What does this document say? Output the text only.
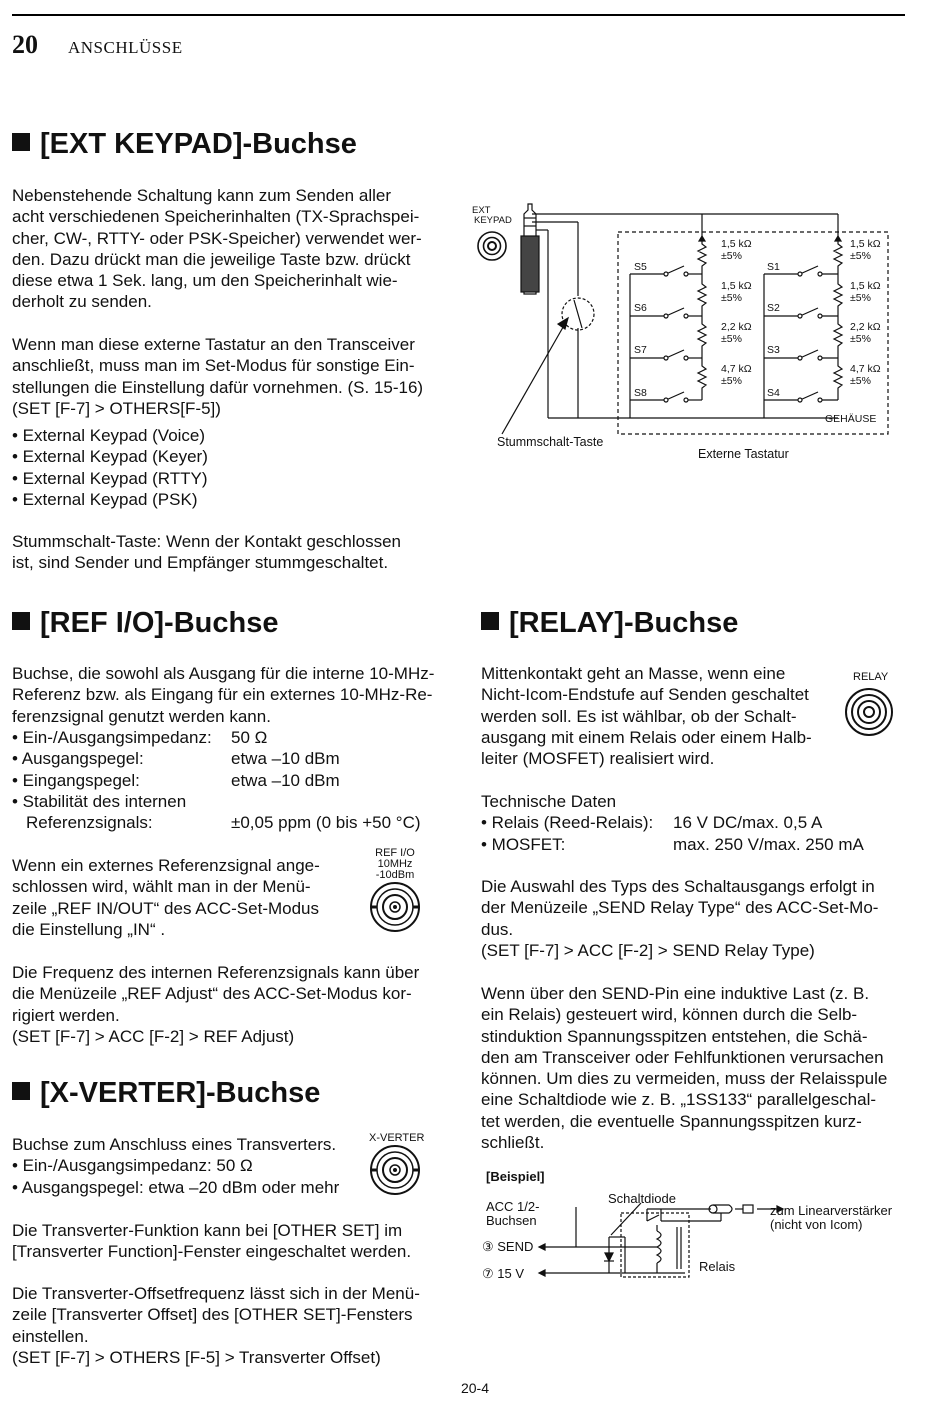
20 ANSCHLÜSSE
[EXT KEYPAD]-Buchse

Nebenstehende Schaltung kann zum Senden aller

acht verschiedenen Speicherinhalten (TX-Sprachspei-

cher, CW-, RTTY- oder PSK-Speicher) verwendet wer-

den. Dazu drückt man die jeweilige Taste bzw. drückt

diese etwa 1 Sek. lang, um den Speicherinhalt wie-

derholt zu senden.

Wenn man diese externe Tastatur an den Transceiver

anschließt, muss man im Set-Modus für sonstige Ein-

stellungen die Einstellung dafür vornehmen. (S. 15-16)

(SET [F-7] > OTHERS[F-5])

• External Keypad (Voice)

• External Keypad (Keyer)

• External Keypad (RTTY)

• External Keypad (PSK)

Stummschalt-Taste: Wenn der Kontakt geschlossen

ist, sind Sender und Empfänger stummgeschaltet.

EXT
KEYPAD
S5
S6
S7
S8
S1
S2
S3
S4
1,5 kΩ
±5%
1,5 kΩ
±5%
2,2 kΩ
±5%
4,7 kΩ
±5%
1,5 kΩ
±5%
1,5 kΩ
±5%
2,2 kΩ
±5%
4,7 kΩ
±5%
GEHÄUSE
Stummschalt-Taste
Externe Tastatur
[REF I/O]-Buchse

Buchse, die sowohl als Ausgang für die interne 10-MHz-

Referenz bzw. als Eingang für ein externes 10-MHz-Re-

ferenzsignal genutzt werden kann.

• Ein-/Ausgangsimpedanz:	50 Ω
• Ausgangspegel:	etwa –10 dBm
• Eingangspegel:	etwa –10 dBm
• Stabilität des internen
Referenzsignals:	±0,05 ppm (0 bis +50 °C)

Wenn ein externes Referenzsignal ange-

schlossen wird, wählt man in der Menü-

zeile „REF IN/OUT“ des ACC-Set-Modus

die Einstellung „IN“ .

REF I/O
10MHz
-10dBm

Die Frequenz des internen Referenzsignals kann über

die Menüzeile „REF Adjust“ des ACC-Set-Modus kor-

rigiert werden.

(SET [F-7] > ACC [F-2] > REF Adjust)

[X-VERTER]-Buchse

Buchse zum Anschluss eines Transverters.

• Ein-/Ausgangsimpedanz: 50 Ω

• Ausgangspegel: etwa –20 dBm oder mehr

X-VERTER

Die Transverter-Funktion kann bei [OTHER SET] im

[Transverter Function]-Fenster eingeschaltet werden.

Die Transverter-Offsetfrequenz lässt sich in der Menü-

zeile [Transverter Offset] des [OTHER SET]-Fensters

einstellen.

(SET [F-7] > OTHERS [F-5] > Transverter Offset)

[RELAY]-Buchse

Mittenkontakt geht an Masse, wenn eine

Nicht-Icom-Endstufe auf Senden geschaltet

werden soll. Es ist wählbar, ob der Schalt-

ausgang mit einem Relais oder einem Halb-

leiter (MOSFET) realisiert wird.

RELAY

Technische Daten

• Relais (Reed-Relais):	16 V DC/max. 0,5 A
• MOSFET:	max. 250 V/max. 250 mA

Die Auswahl des Typs des Schaltausgangs erfolgt in

der Menüzeile „SEND Relay Type“ des ACC-Set-Mo-

dus.

(SET [F-7] > ACC [F-2] > SEND Relay Type)

Wenn über den SEND-Pin eine induktive Last (z. B.

ein Relais) gesteuert wird, können durch die Selb-

stinduktion Spannungsspitzen entstehen, die Schä-

den am Transceiver oder Fehlfunktionen verursachen

können. Um dies zu vermeiden, muss der Relaisspule

eine Schaltdiode wie z. B. „1SS133“ parallelgeschal-

tet werden, die eventuelle Spannungsspitzen kurz-

schließt.

[Beispiel]
ACC 1/2-
Buchsen
③ SEND
⑦ 15 V
Schaltdiode
Relais
zum Linearverstärker
(nicht von Icom)
20-4
